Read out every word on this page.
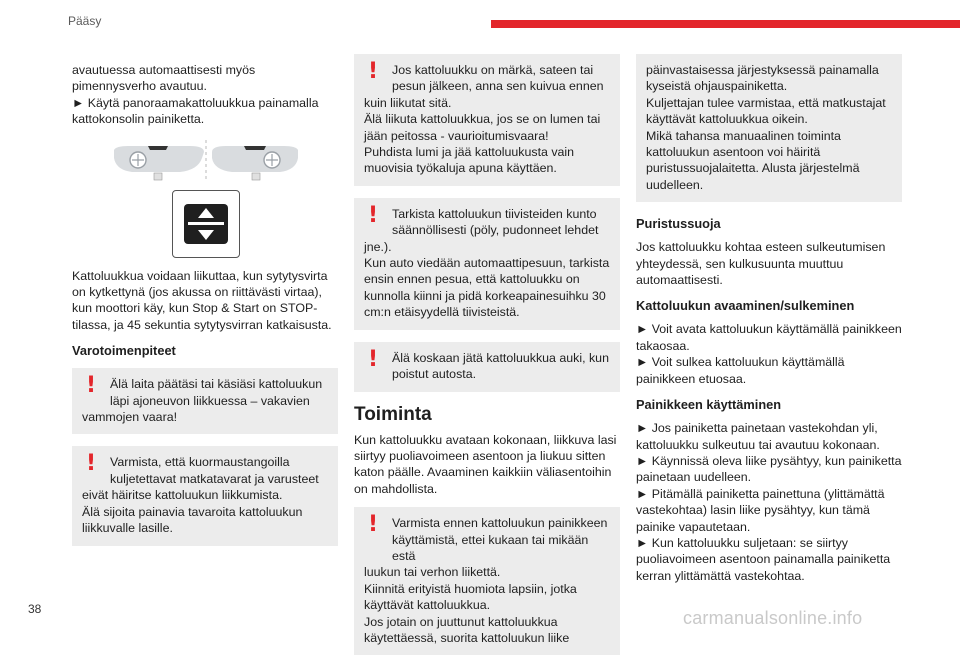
Pääsy
avautuessa automaattisesti myös
pimennysverho avautuu.
► Käytä panoraamakattoluukkua painamalla
kattokonsolin painiketta.
Kattoluukkua voidaan liikuttaa, kun sytytysvirta
on kytkettynä (jos akussa on riittävästi virtaa),
kun moottori käy, kun Stop & Start on STOP-
tilassa, ja 45 sekuntia sytytysvirran katkaisusta.
Varotoimenpiteet
!	Älä laita päätäsi tai käsiäsi kattoluukun
läpi ajoneuvon liikkuessa – vakavien
vammojen vaara!
!	Varmista, että kuormaustangoilla
kuljetettavat matkatavarat ja varusteet
eivät häiritse kattoluukun liikkumista.
Älä sijoita painavia tavaroita kattoluukun
liikkuvalle lasille.
!	Jos kattoluukku on märkä, sateen tai
pesun jälkeen, anna sen kuivua ennen
kuin liikutat sitä.
Älä liikuta kattoluukkua, jos se on lumen tai
jään peitossa - vaurioitumisvaara!
Puhdista lumi ja jää kattoluukusta vain
muovisia työkaluja apuna käyttäen.
!	Tarkista kattoluukun tiivisteiden kunto
säännöllisesti (pöly, pudonneet lehdet
jne.).
Kun auto viedään automaattipesuun, tarkista
ensin ennen pesua, että kattoluukku on
kunnolla kiinni ja pidä korkeapainesuihku 30
cm:n etäisyydellä tiivisteistä.
!	Älä koskaan jätä kattoluukkua auki, kun
poistut autosta.
Toiminta
Kun kattoluukku avataan kokonaan, liikkuva lasi
siirtyy puoliavoimeen asentoon ja liukuu sitten
katon päälle. Avaaminen kaikkiin väliasentoihin
on mahdollista.
!	Varmista ennen kattoluukun painikkeen
käyttämistä, ettei kukaan tai mikään estä
luukun tai verhon liikettä.
Kiinnitä erityistä huomiota lapsiin, jotka
käyttävät kattoluukkua.
Jos jotain on juuttunut kattoluukkua
käytettäessä, suorita kattoluukun liike
päinvastaisessa järjestyksessä painamalla
kyseistä ohjauspainiketta.
Kuljettajan tulee varmistaa, että matkustajat
käyttävät kattoluukkua oikein.
Mikä tahansa manuaalinen toiminta
kattoluukun asentoon voi häiritä
puristussuojalaitetta. Alusta järjestelmä
uudelleen.
Puristussuoja
Jos kattoluukku kohtaa esteen sulkeutumisen
yhteydessä, sen kulkusuunta muuttuu
automaattisesti.
Kattoluukun avaaminen/sulkeminen
► Voit avata kattoluukun käyttämällä painikkeen
takaosaa.
► Voit sulkea kattoluukun käyttämällä
painikkeen etuosaa.
Painikkeen käyttäminen
► Jos painiketta painetaan vastekohdan yli,
kattoluukku sulkeutuu tai avautuu kokonaan.
► Käynnissä oleva liike pysähtyy, kun painiketta
painetaan uudelleen.
► Pitämällä painiketta painettuna (ylittämättä
vastekohtaa) lasin liike pysähtyy, kun tämä
painike vapautetaan.
► Kun kattoluukku suljetaan: se siirtyy
puoliavoimeen asentoon painamalla painiketta
kerran ylittämättä vastekohtaa.
38	carmanualsonline.info
